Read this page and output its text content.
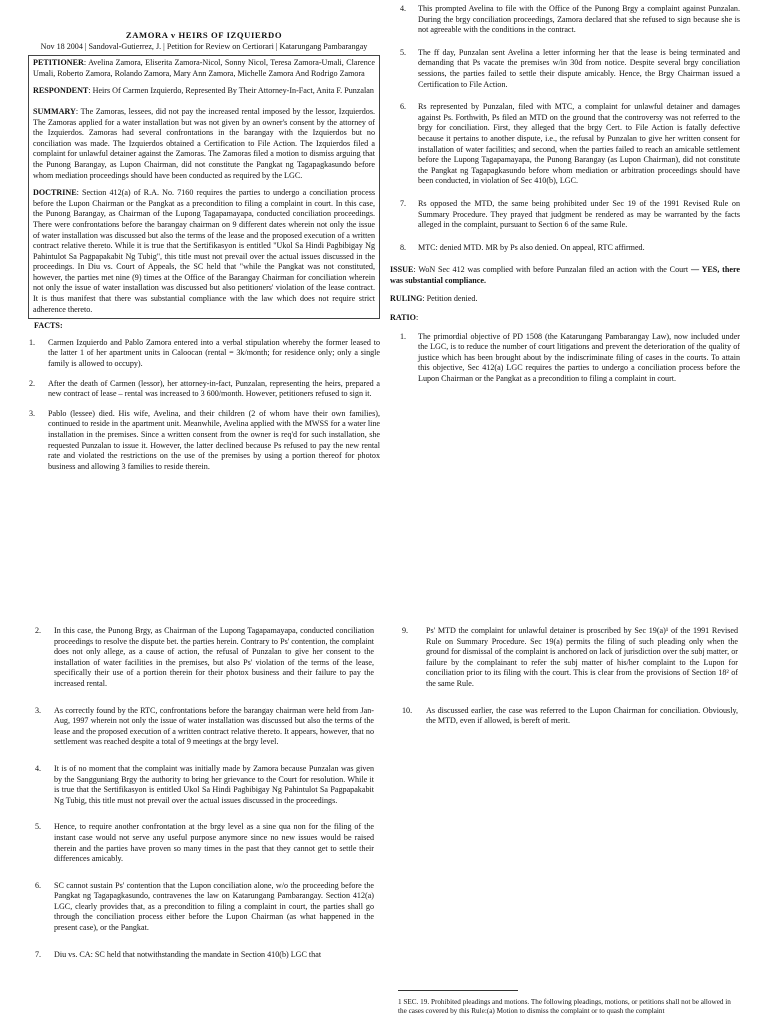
ZAMORA v HEIRS OF IZQUIERDO
Nov 18 2004 | Sandoval-Gutierrez, J. | Petition for Review on Certiorari | Katarungang Pambarangay

PETITIONER: Avelina Zamora, Eliserita Zamora-Nicol, Sonny Nicol, Teresa Zamora-Umali, Clarence Umali, Roberto Zamora, Rolando Zamora, Mary Ann Zamora, Michelle Zamora And Rodrigo Zamora

RESPONDENT: Heirs Of Carmen Izquierdo, Represented By Their Attorney-In-Fact, Anita F. Punzalan

SUMMARY: The Zamoras, lessees, did not pay the increased rental imposed by the lessor, Izquierdos. The Zamoras applied for a water installation but was not given by an owner's consent by the attorney of the Izquierdos. Zamoras had several confrontations in the barangay with the Izquierdos but no conciliation was made. The Izquierdos obtained a Certification to File Action. The Izquierdos filed a complaint for unlawful detainer against the Zamoras. The Zamoras filed a motion to dismiss arguing that the Punong Barangay, as Lupon Chairman, did not constitute the Pangkat ng Tagapagkasundo before whom mediation proceedings should have been conducted as required by the LGC.

DOCTRINE: Section 412(a) of R.A. No. 7160 requires the parties to undergo a conciliation process before the Lupon Chairman or the Pangkat as a precondition to filing a complaint in court. In this case, the Punong Barangay, as Chairman of the Lupong Tagapamayapa, conducted conciliation proceedings. There were confrontations before the barangay chairman on 9 different dates wherein not only the issue of water installation was discussed but also the terms of the lease and the proposed execution of a written contract relative thereto. While it is true that the Sertifikasyon is entitled "Ukol Sa Hindi Pagbibigay Ng Pahintulot Sa Pagpapakabit Ng Tubig", this title must not prevail over the actual issues discussed in the proceedings. In Diu vs. Court of Appeals, the SC held that "while the Pangkat was not constituted, however, the parties met nine (9) times at the Office of the Barangay Chairman for conciliation wherein not only the issue of water installation was discussed but also petitioners' violation of the lease contract. It is thus manifest that there was substantial compliance with the law which does not require strict adherence thereto.

FACTS:
1. Carmen Izquierdo and Pablo Zamora entered into a verbal stipulation whereby the former leased to the latter 1 of her apartment units in Caloocan (rental = 3k/month; for residence only; only a single family is allowed to occupy).
2. After the death of Carmen (lessor), her attorney-in-fact, Punzalan, representing the heirs, prepared a new contract of lease – rental was increased to 3 600/month. However, petitioners refused to sign it.
3. Pablo (lessee) died. His wife, Avelina, and their children (2 of whom have their own families), continued to reside in the apartment unit. Meanwhile, Avelina applied with the MWSS for a water line installation in the premises. Since a written consent from the owner is req'd for such installation, she requested Punzalan to issue it. However, the latter declined because Ps refused to pay the new rental rate and violated the restrictions on the use of the premises by using a portion thereof for photox business and allowing 3 families to reside therein.
4. This prompted Avelina to file with the Office of the Punong Brgy a complaint against Punzalan. During the brgy conciliation proceedings, Zamora declared that she refused to sign because she is not agreeable with the conditions in the contract.
5. The ff day, Punzalan sent Avelina a letter informing her that the lease is being terminated and demanding that Ps vacate the premises w/in 30d from notice. Despite several brgy conciliation sessions, the parties failed to settle their dispute amicably. Hence, the Brgy Chairman issued a Certification to File Action.
6. Rs represented by Punzalan, filed with MTC, a complaint for unlawful detainer and damages against Ps. Forthwith, Ps filed an MTD on the ground that the controversy was not referred to the brgy for conciliation. First, they alleged that the brgy Cert. to File Action is fatally defective because it pertains to another dispute, i.e., the refusal by Punzalan to give her written consent for installation of water facilities; and second, when the parties failed to reach an amicable settlement before the Lupong Tagapamayapa, the Punong Barangay (as Lupon Chairman), did not constitute the Pangkat ng Tagapagkasundo before whom mediation or arbitration proceedings should have been conducted, in violation of Sec 410(b), LGC.
7. Rs opposed the MTD, the same being prohibited under Sec 19 of the 1991 Revised Rule on Summary Procedure. They prayed that judgment be rendered as may be warranted by the facts alleged in the complaint, pursuant to Section 6 of the same Rule.
8. MTC: denied MTD. MR by Ps also denied. On appeal, RTC affirmed.
ISSUE: WoN Sec 412 was complied with before Punzalan filed an action with the Court — YES, there was substantial compliance.
RULING: Petition denied.
RATIO:
1. The primordial objective of PD 1508 (the Katarungang Pambarangay Law), now included under the LGC, is to reduce the number of court litigations and prevent the deterioration of the quality of justice which has been brought about by the indiscriminate filing of cases in the courts. To attain this objective, Sec 412(a) LGC requires the parties to undergo a conciliation process before the Lupon Chairman or the Pangkat as a precondition to filing a complaint in court.
2. In this case, the Punong Brgy, as Chairman of the Lupong Tagapamayapa, conducted conciliation proceedings to resolve the dispute bet. the parties herein. Contrary to Ps' contention, the complaint does not only allege, as a cause of action, the refusal of Punzalan to give her consent to the installation of water facilities in the premises, but also Ps' violation of the terms of the lease, specifically their use of a portion therein for their photox business and their failure to pay the increased rental.
3. As correctly found by the RTC, confrontations before the barangay chairman were held from Jan-Aug, 1997 wherein not only the issue of water installation was discussed but also the terms of the lease and the proposed execution of a written contract relative thereto. It appears, however, that no settlement was reached despite a total of 9 meetings at the brgy level.
4. It is of no moment that the complaint was initially made by Zamora because Punzalan was given by the Sangguniang Brgy the authority to bring her grievance to the Court for resolution. While it is true that the Sertifikasyon is entitled Ukol Sa Hindi Pagbibigay Ng Pahintulot Sa Pagpapakabit Ng Tubig, this title must not prevail over the actual issues discussed in the proceedings.
5. Hence, to require another confrontation at the brgy level as a sine qua non for the filing of the instant case would not serve any useful purpose anymore since no new issues would be raised therein and the parties have proven so many times in the past that they cannot get to settle their differences amicably.
6. SC cannot sustain Ps' contention that the Lupon conciliation alone, w/o the proceeding before the Pangkat ng Tagapagkasundo, contravenes the law on Katarungang Pambarangay. Section 412(a) LGC, clearly provides that, as a precondition to filing a complaint in court, the parties shall go through the conciliation process either before the Lupon Chairman (as what happened in the present case), or the Pangkat.
7. Diu vs. CA: SC held that notwithstanding the mandate in Section 410(b) LGC that
9. Ps' MTD the complaint for unlawful detainer is proscribed by Sec 19(a)¹ of the 1991 Revised Rule on Summary Procedure. Sec 19(a) permits the filing of such pleading only when the ground for dismissal of the complaint is anchored on lack of jurisdiction over the subj matter, or failure by the complainant to refer the subj matter of his/her complaint to the Lupon for conciliation prior to its filing with the court. This is clear from the provisions of Section 18² of the same Rule.
10. As discussed earlier, the case was referred to the Lupon Chairman for conciliation. Obviously, the MTD, even if allowed, is bereft of merit.
1 SEC. 19. Prohibited pleadings and motions. The following pleadings, motions, or petitions shall not be allowed in the cases covered by this Rule:(a) Motion to dismiss the complaint or to quash the complaint
